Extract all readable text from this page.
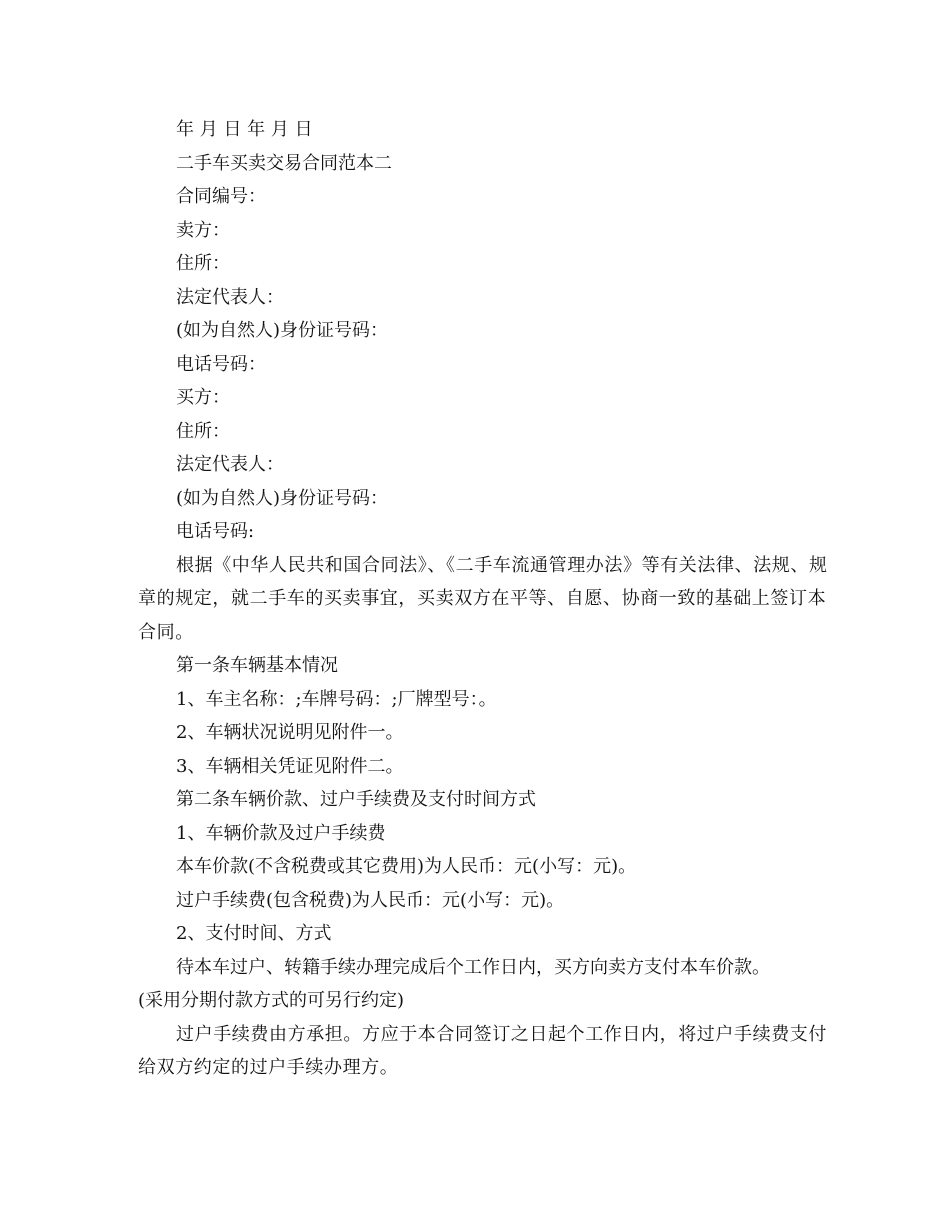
年 月 日 年 月 日

二手车买卖交易合同范本二

合同编号：

卖方：

住所：

法定代表人：

(如为自然人)身份证号码：

电话号码：

买方：

住所：

法定代表人：

(如为自然人)身份证号码：

电话号码:

根据《中华人民共和国合同法》、《二手车流通管理办法》等有关法律、法规、规章的规定，就二手车的买卖事宜，买卖双方在平等、自愿、协商一致的基础上签订本合同。

第一条车辆基本情况

1、车主名称：;车牌号码：;厂牌型号：。

2、车辆状况说明见附件一。

3、车辆相关凭证见附件二。

第二条车辆价款、过户手续费及支付时间方式

1、车辆价款及过户手续费

本车价款(不含税费或其它费用)为人民币：元(小写：元)。

过户手续费(包含税费)为人民币：元(小写：元)。

2、支付时间、方式

待本车过户、转籍手续办理完成后个工作日内，买方向卖方支付本车价款。

(采用分期付款方式的可另行约定)

过户手续费由方承担。方应于本合同签订之日起个工作日内，将过户手续费支付给双方约定的过户手续办理方。
